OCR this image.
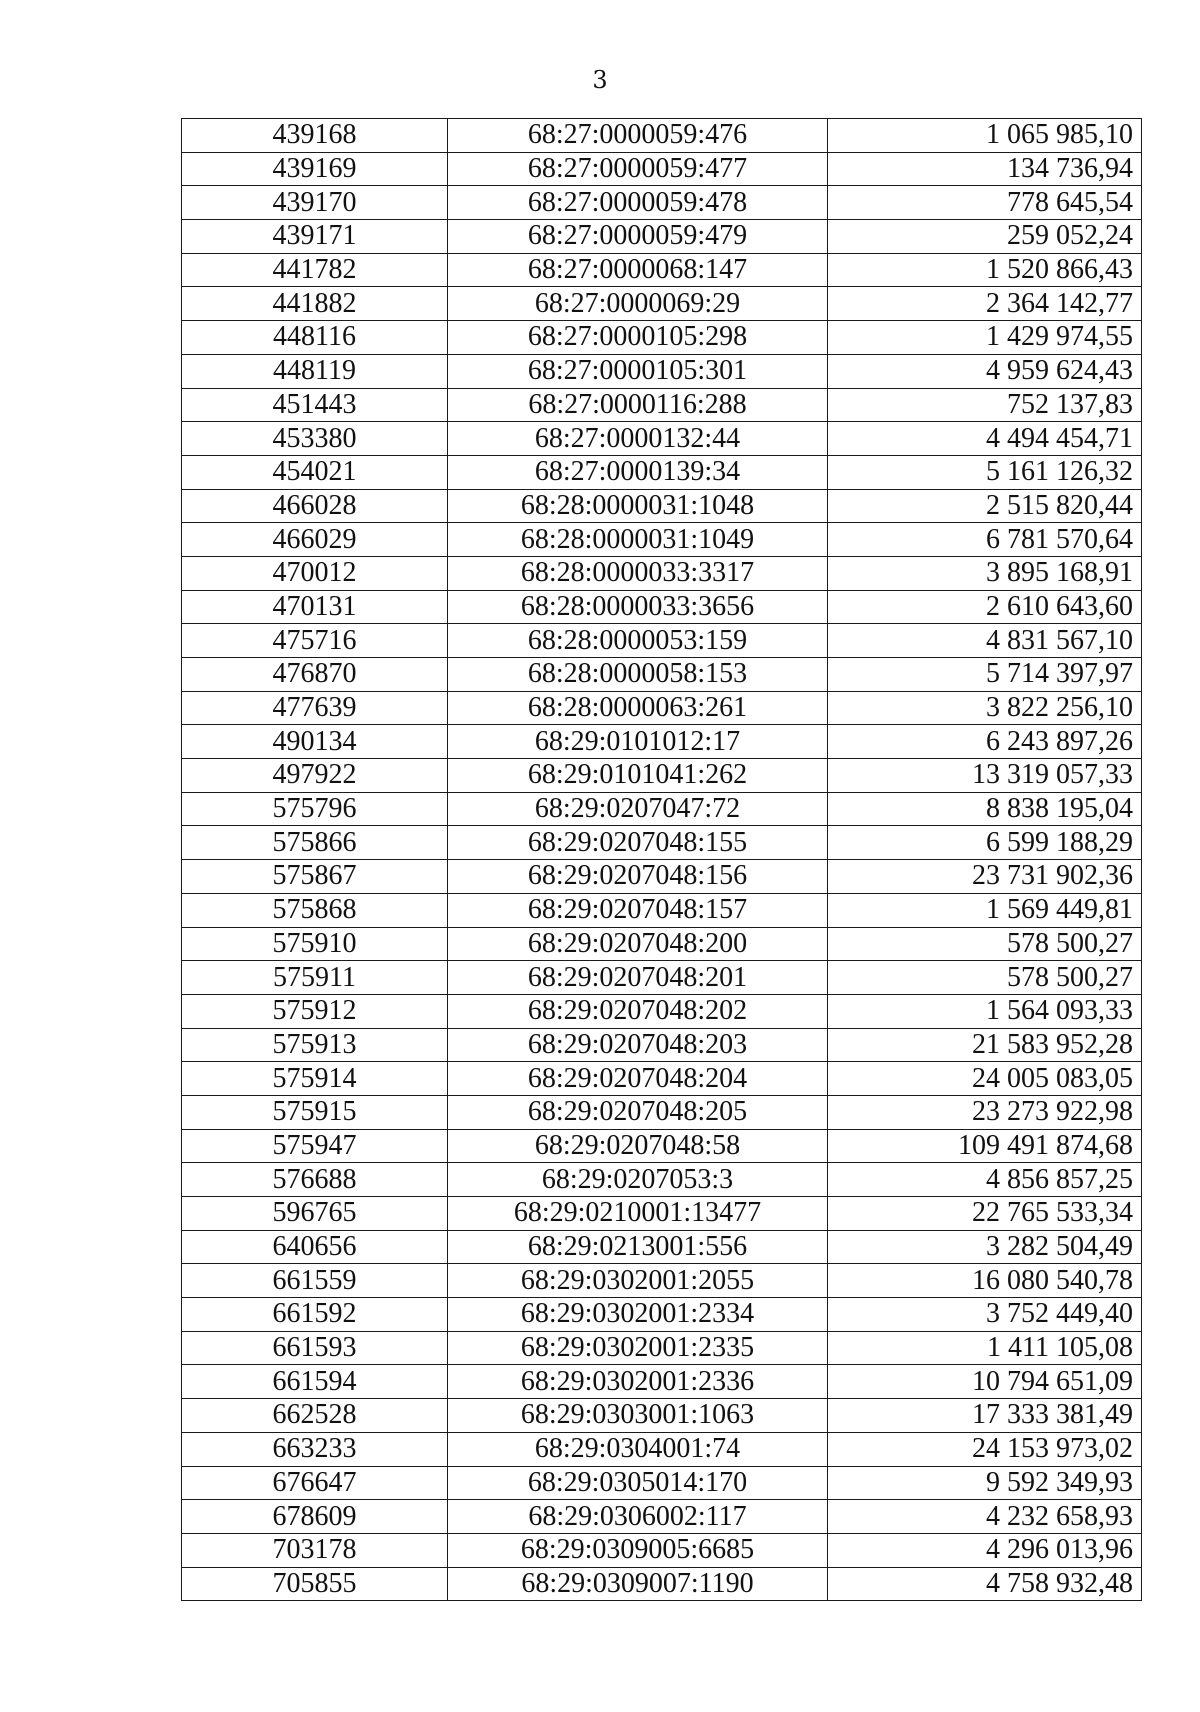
3
439168	68:27:0000059:476	1 065 985,10
439169	68:27:0000059:477	134 736,94
439170	68:27:0000059:478	778 645,54
439171	68:27:0000059:479	259 052,24
441782	68:27:0000068:147	1 520 866,43
441882	68:27:0000069:29	2 364 142,77
448116	68:27:0000105:298	1 429 974,55
448119	68:27:0000105:301	4 959 624,43
451443	68:27:0000116:288	752 137,83
453380	68:27:0000132:44	4 494 454,71
454021	68:27:0000139:34	5 161 126,32
466028	68:28:0000031:1048	2 515 820,44
466029	68:28:0000031:1049	6 781 570,64
470012	68:28:0000033:3317	3 895 168,91
470131	68:28:0000033:3656	2 610 643,60
475716	68:28:0000053:159	4 831 567,10
476870	68:28:0000058:153	5 714 397,97
477639	68:28:0000063:261	3 822 256,10
490134	68:29:0101012:17	6 243 897,26
497922	68:29:0101041:262	13 319 057,33
575796	68:29:0207047:72	8 838 195,04
575866	68:29:0207048:155	6 599 188,29
575867	68:29:0207048:156	23 731 902,36
575868	68:29:0207048:157	1 569 449,81
575910	68:29:0207048:200	578 500,27
575911	68:29:0207048:201	578 500,27
575912	68:29:0207048:202	1 564 093,33
575913	68:29:0207048:203	21 583 952,28
575914	68:29:0207048:204	24 005 083,05
575915	68:29:0207048:205	23 273 922,98
575947	68:29:0207048:58	109 491 874,68
576688	68:29:0207053:3	4 856 857,25
596765	68:29:0210001:13477	22 765 533,34
640656	68:29:0213001:556	3 282 504,49
661559	68:29:0302001:2055	16 080 540,78
661592	68:29:0302001:2334	3 752 449,40
661593	68:29:0302001:2335	1 411 105,08
661594	68:29:0302001:2336	10 794 651,09
662528	68:29:0303001:1063	17 333 381,49
663233	68:29:0304001:74	24 153 973,02
676647	68:29:0305014:170	9 592 349,93
678609	68:29:0306002:117	4 232 658,93
703178	68:29:0309005:6685	4 296 013,96
705855	68:29:0309007:1190	4 758 932,48
